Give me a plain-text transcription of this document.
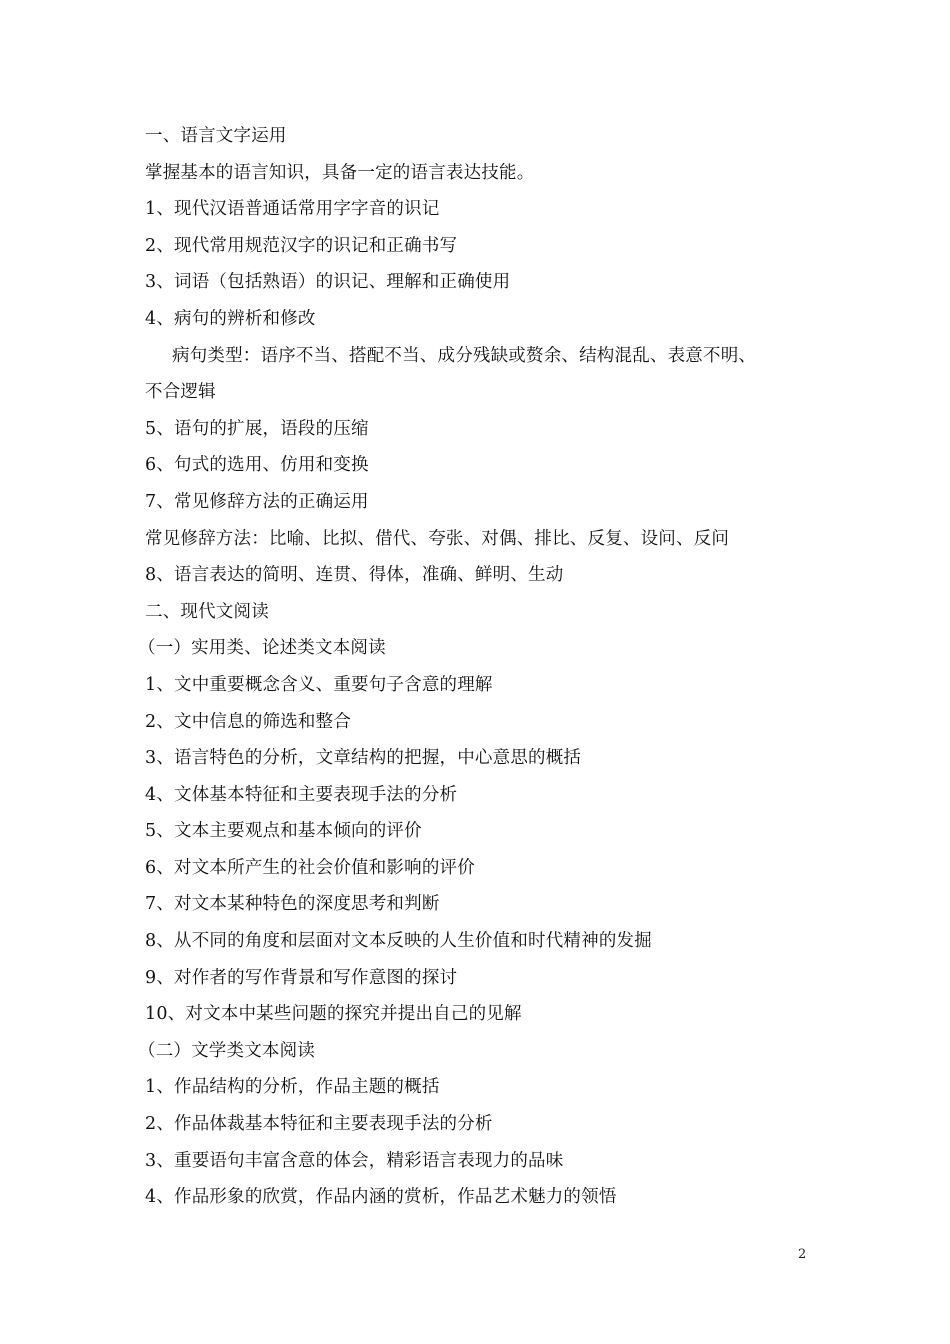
一、语言文字运用
掌握基本的语言知识，具备一定的语言表达技能。
1、现代汉语普通话常用字字音的识记
2、现代常用规范汉字的识记和正确书写
3、词语（包括熟语）的识记、理解和正确使用
4、病句的辨析和修改
病句类型：语序不当、搭配不当、成分残缺或赘余、结构混乱、表意不明、
不合逻辑
5、语句的扩展，语段的压缩
6、句式的选用、仿用和变换
7、常见修辞方法的正确运用
常见修辞方法：比喻、比拟、借代、夸张、对偶、排比、反复、设问、反问
8、语言表达的简明、连贯、得体，准确、鲜明、生动
二、现代文阅读
（一）实用类、论述类文本阅读
1、文中重要概念含义、重要句子含意的理解
2、文中信息的筛选和整合
3、语言特色的分析，文章结构的把握，中心意思的概括
4、文体基本特征和主要表现手法的分析
5、文本主要观点和基本倾向的评价
6、对文本所产生的社会价值和影响的评价
7、对文本某种特色的深度思考和判断
8、从不同的角度和层面对文本反映的人生价值和时代精神的发掘
9、对作者的写作背景和写作意图的探讨
10、对文本中某些问题的探究并提出自己的见解
（二）文学类文本阅读
1、作品结构的分析，作品主题的概括
2、作品体裁基本特征和主要表现手法的分析
3、重要语句丰富含意的体会，精彩语言表现力的品味
4、作品形象的欣赏，作品内涵的赏析，作品艺术魅力的领悟
2
